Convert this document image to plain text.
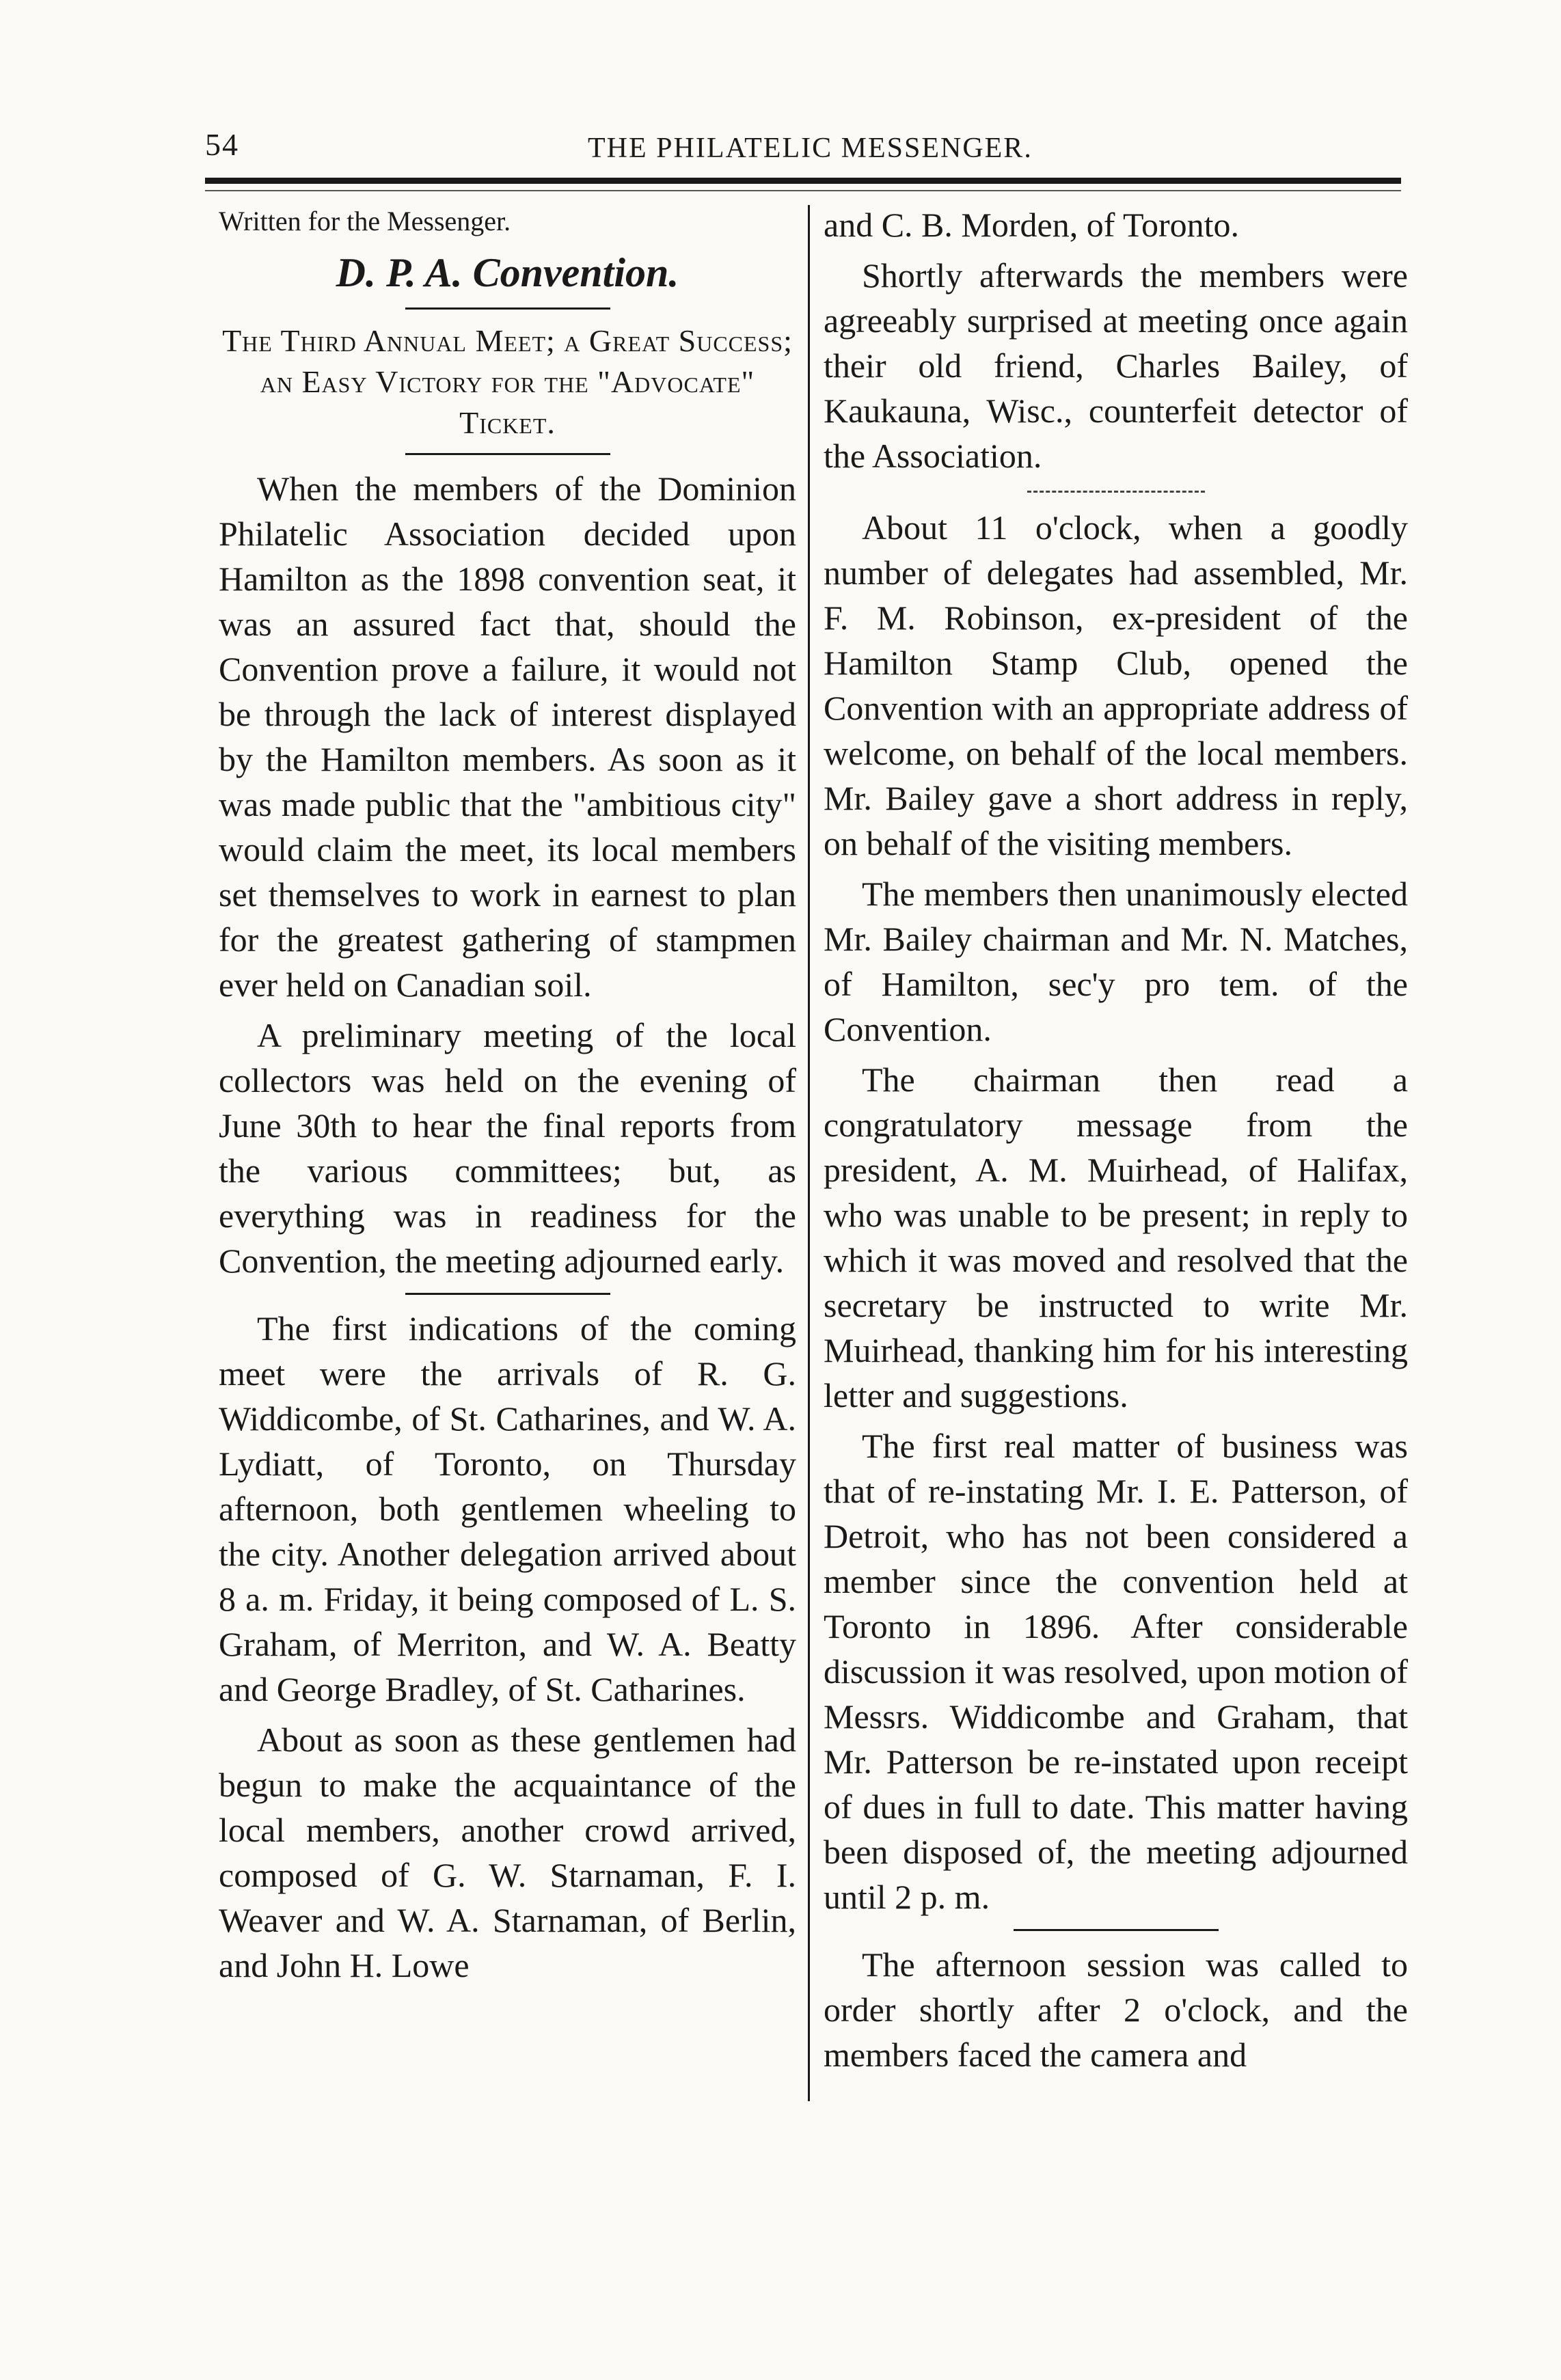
54	THE PHILATELIC MESSENGER.
Written for the Messenger.
D. P. A. Convention.
The Third Annual Meet; a Great Success; an Easy Victory for the "Advocate" Ticket.

When the members of the Dominion Philatelic Association decided upon Hamilton as the 1898 convention seat, it was an assured fact that, should the Convention prove a failure, it would not be through the lack of interest displayed by the Hamilton members. As soon as it was made public that the "ambitious city" would claim the meet, its local members set themselves to work in earnest to plan for the greatest gathering of stampmen ever held on Canadian soil.

A preliminary meeting of the local collectors was held on the evening of June 30th to hear the final reports from the various committees; but, as everything was in readiness for the Convention, the meeting adjourned early.

The first indications of the coming meet were the arrivals of R. G. Widdicombe, of St. Catharines, and W. A. Lydiatt, of Toronto, on Thursday afternoon, both gentlemen wheeling to the city. Another delegation arrived about 8 a. m. Friday, it being composed of L. S. Graham, of Merriton, and W. A. Beatty and George Bradley, of St. Catharines.

About as soon as these gentlemen had begun to make the acquaintance of the local members, another crowd arrived, composed of G. W. Starnaman, F. I. Weaver and W. A. Starnaman, of Berlin, and John H. Lowe

and C. B. Morden, of Toronto.

Shortly afterwards the members were agreeably surprised at meeting once again their old friend, Charles Bailey, of Kaukauna, Wisc., counterfeit detector of the Association.

About 11 o'clock, when a goodly number of delegates had assembled, Mr. F. M. Robinson, ex-president of the Hamilton Stamp Club, opened the Convention with an appropriate address of welcome, on behalf of the local members. Mr. Bailey gave a short address in reply, on behalf of the visiting members.

The members then unanimously elected Mr. Bailey chairman and Mr. N. Matches, of Hamilton, sec'y pro tem. of the Convention.

The chairman then read a congratulatory message from the president, A. M. Muirhead, of Halifax, who was unable to be present; in reply to which it was moved and resolved that the secretary be instructed to write Mr. Muirhead, thanking him for his interesting letter and suggestions.

The first real matter of business was that of re-instating Mr. I. E. Patterson, of Detroit, who has not been considered a member since the convention held at Toronto in 1896. After considerable discussion it was resolved, upon motion of Messrs. Widdicombe and Graham, that Mr. Patterson be re-instated upon receipt of dues in full to date. This matter having been disposed of, the meeting adjourned until 2 p. m.

The afternoon session was called to order shortly after 2 o'clock, and the members faced the camera and
